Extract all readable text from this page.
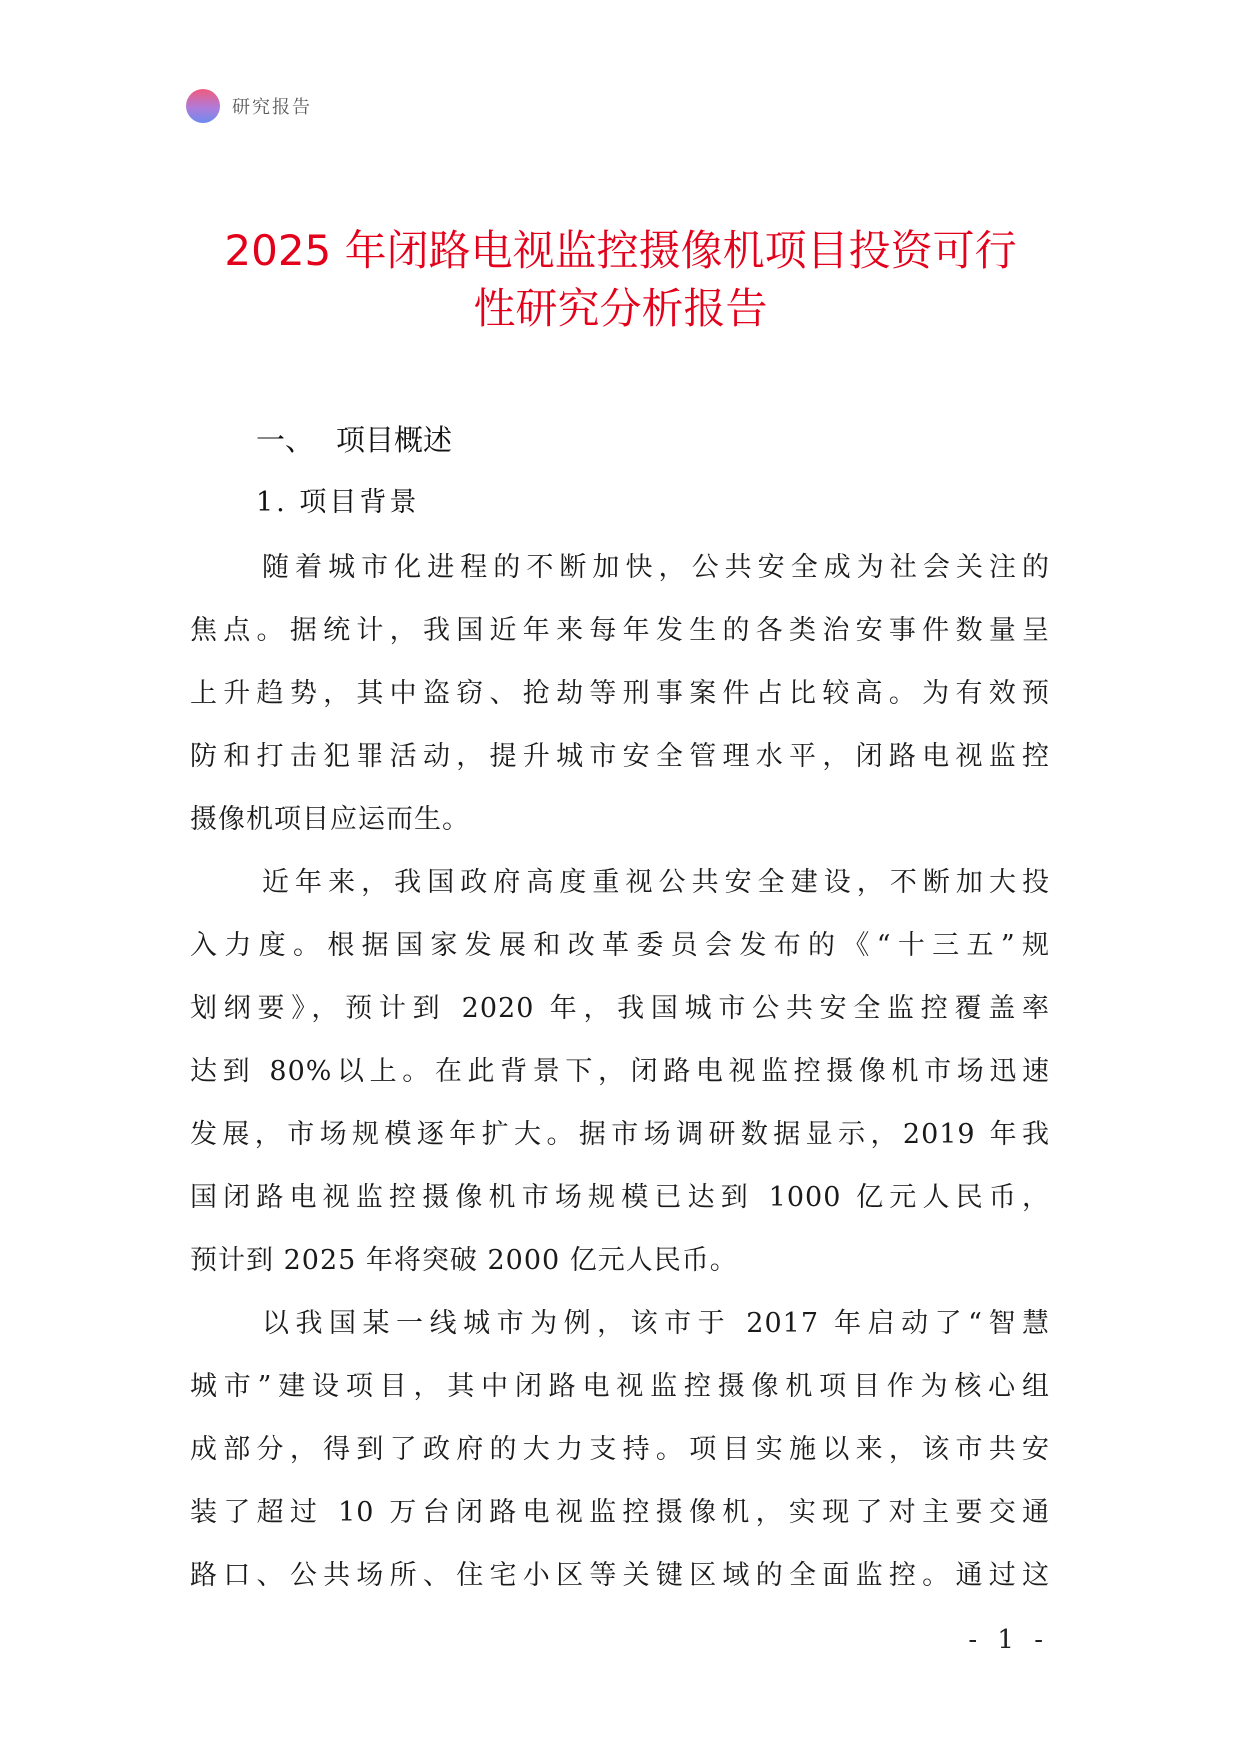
研究报告
2025 年闭路电视监控摄像机项目投资可行
性研究分析报告
一、 项目概述
1. 项目背景

随着城市化进程的不断加快，公共安全成为社会关注的
焦点。据统计，我国近年来每年发生的各类治安事件数量呈
上升趋势，其中盗窃、抢劫等刑事案件占比较高。为有效预
防和打击犯罪活动，提升城市安全管理水平，闭路电视监控
摄像机项目应运而生。

近年来，我国政府高度重视公共安全建设，不断加大投
入力度。根据国家发展和改革委员会发布的《“十三五”规
划纲要》，预计到 2020 年，我国城市公共安全监控覆盖率
达到 80%以上。在此背景下，闭路电视监控摄像机市场迅速
发展，市场规模逐年扩大。据市场调研数据显示，2019 年我
国闭路电视监控摄像机市场规模已达到 1000 亿元人民币，
预计到 2025 年将突破 2000 亿元人民币。

以我国某一线城市为例，该市于 2017 年启动了“智慧
城市”建设项目，其中闭路电视监控摄像机项目作为核心组
成部分，得到了政府的大力支持。项目实施以来，该市共安
装了超过 10 万台闭路电视监控摄像机，实现了对主要交通
路口、公共场所、住宅小区等关键区域的全面监控。通过这

- 1 -
